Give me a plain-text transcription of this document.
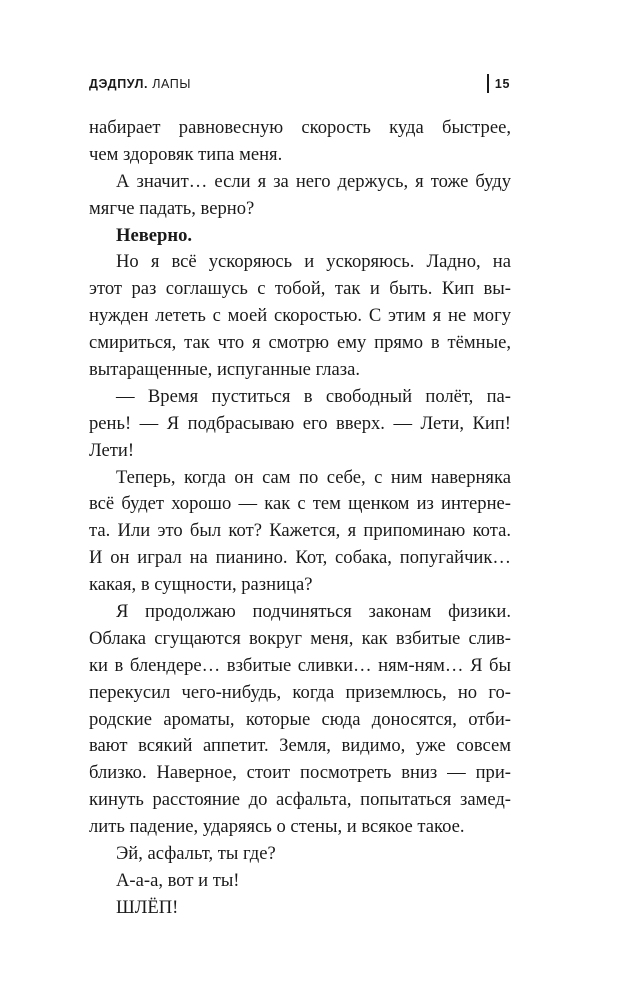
ДЭДПУЛ. ЛАПЫ	15
набирает равновесную скорость куда быстрее,
чем здоровяк типа меня.
А значит… если я за него держусь, я тоже буду
мягче падать, верно?
Неверно.
Но я всё ускоряюсь и ускоряюсь. Ладно, на
этот раз соглашусь с тобой, так и быть. Кип вы-
нужден лететь с моей скоростью. С этим я не могу
смириться, так что я смотрю ему прямо в тёмные,
вытаращенные, испуганные глаза.
— Время пуститься в свободный полёт, па-
рень! — Я подбрасываю его вверх. — Лети, Кип!
Лети!
Теперь, когда он сам по себе, с ним наверняка
всё будет хорошо — как с тем щенком из интерне-
та. Или это был кот? Кажется, я припоминаю кота.
И он играл на пианино. Кот, собака, попугайчик…
какая, в сущности, разница?
Я продолжаю подчиняться законам физики.
Облака сгущаются вокруг меня, как взбитые слив-
ки в блендере… взбитые сливки… ням-ням… Я бы
перекусил чего-нибудь, когда приземлюсь, но го-
родские ароматы, которые сюда доносятся, отби-
вают всякий аппетит. Земля, видимо, уже совсем
близко. Наверное, стоит посмотреть вниз — при-
кинуть расстояние до асфальта, попытаться замед-
лить падение, ударяясь о стены, и всякое такое.
Эй, асфальт, ты где?
А-а-а, вот и ты!
ШЛЁП!
